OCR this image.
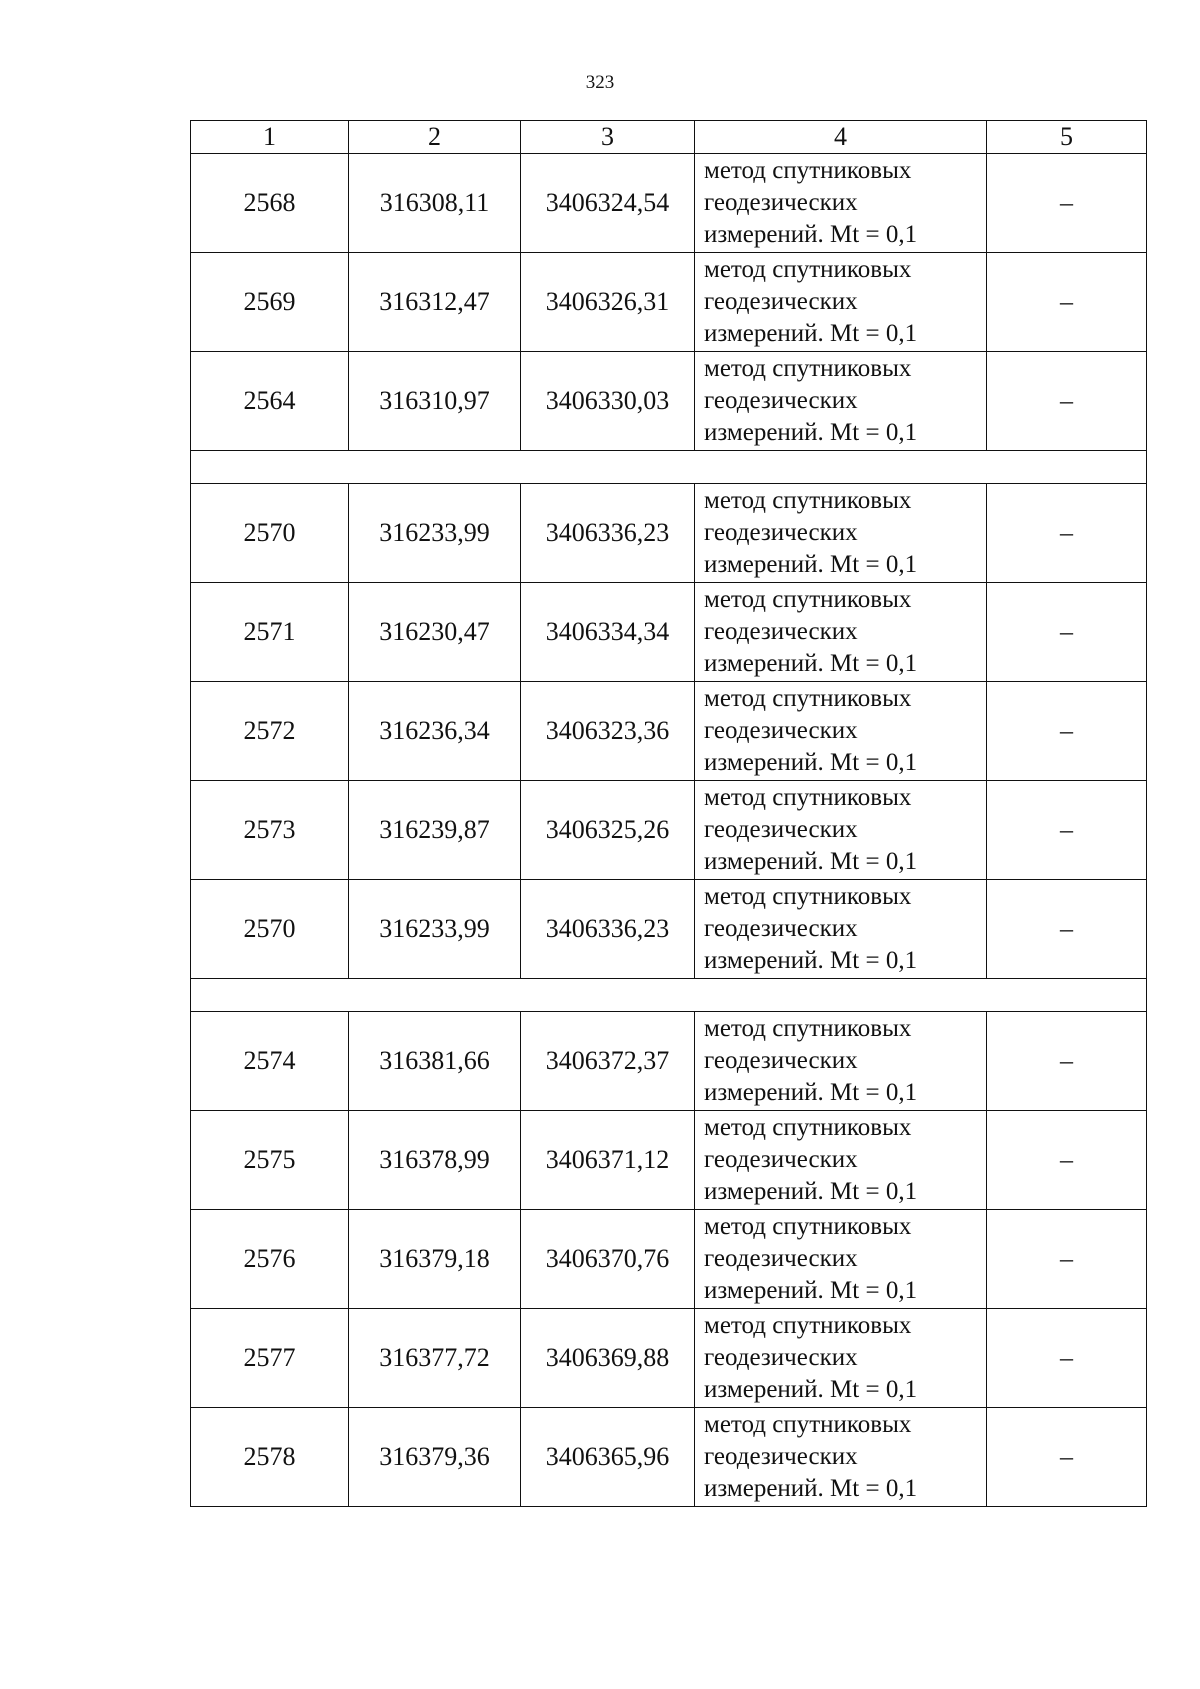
323
1	2	3	4	5
2568	316308,11	3406324,54	метод спутниковых
геодезических
измерений. Mt = 0,1	–
2569	316312,47	3406326,31	метод спутниковых
геодезических
измерений. Mt = 0,1	–
2564	316310,97	3406330,03	метод спутниковых
геодезических
измерений. Mt = 0,1	–

2570	316233,99	3406336,23	метод спутниковых
геодезических
измерений. Mt = 0,1	–
2571	316230,47	3406334,34	метод спутниковых
геодезических
измерений. Mt = 0,1	–
2572	316236,34	3406323,36	метод спутниковых
геодезических
измерений. Mt = 0,1	–
2573	316239,87	3406325,26	метод спутниковых
геодезических
измерений. Mt = 0,1	–
2570	316233,99	3406336,23	метод спутниковых
геодезических
измерений. Mt = 0,1	–

2574	316381,66	3406372,37	метод спутниковых
геодезических
измерений. Mt = 0,1	–
2575	316378,99	3406371,12	метод спутниковых
геодезических
измерений. Mt = 0,1	–
2576	316379,18	3406370,76	метод спутниковых
геодезических
измерений. Mt = 0,1	–
2577	316377,72	3406369,88	метод спутниковых
геодезических
измерений. Mt = 0,1	–
2578	316379,36	3406365,96	метод спутниковых
геодезических
измерений. Mt = 0,1	–
